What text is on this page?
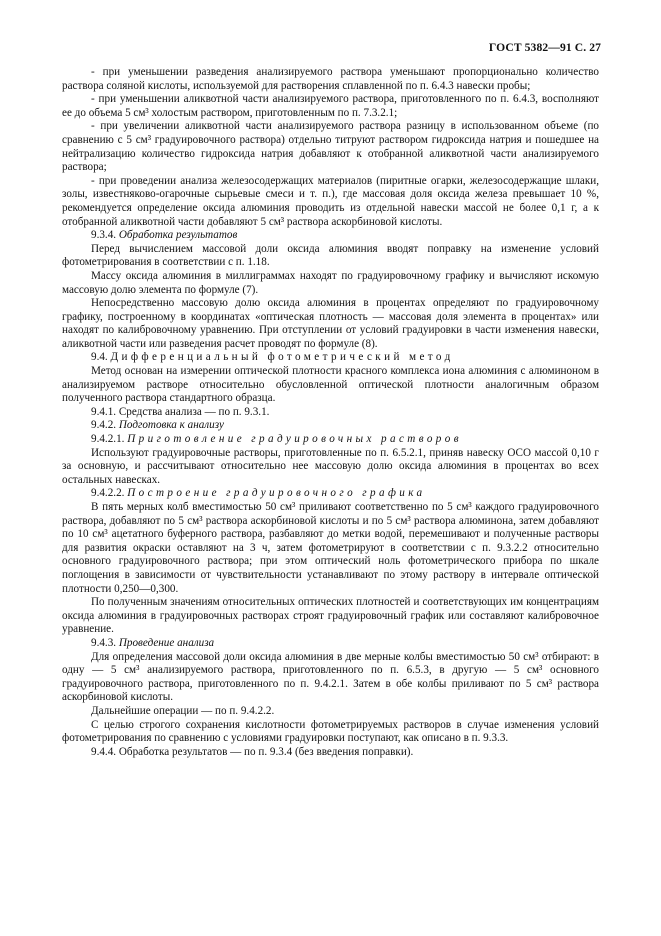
ГОСТ 5382—91 С. 27

- при уменьшении разведения анализируемого раствора уменьшают пропорционально количество раствора соляной кислоты, используемой для растворения сплавленной по п. 6.4.3 навески пробы;

- при уменьшении аликвотной части анализируемого раствора, приготовленного по п. 6.4.3, восполняют ее до объема 5 см³ холостым раствором, приготовленным по п. 7.3.2.1;

- при увеличении аликвотной части анализируемого раствора разницу в использованном объеме (по сравнению с 5 см³ градуировочного раствора) отдельно титруют раствором гидроксида натрия и пошедшее на нейтрализацию количество гидроксида натрия добавляют к отобранной аликвотной части анализируемого раствора;

- при проведении анализа железосодержащих материалов (пиритные огарки, железосодержащие шлаки, золы, известняково-огарочные сырьевые смеси и т. п.), где массовая доля оксида железа превышает 10 %, рекомендуется определение оксида алюминия проводить из отдельной навески массой не более 0,1 г, а к отобранной аликвотной части добавляют 5 см³ раствора аскорбиновой кислоты.

9.3.4. Обработка результатов

Перед вычислением массовой доли оксида алюминия вводят поправку на изменение условий фотометрирования в соответствии с п. 1.18.

Массу оксида алюминия в миллиграммах находят по градуировочному графику и вычисляют искомую массовую долю элемента по формуле (7).

Непосредственно массовую долю оксида алюминия в процентах определяют по градуировочному графику, построенному в координатах «оптическая плотность — массовая доля элемента в процентах» или находят по калибровочному уравнению. При отступлении от условий градуировки в части изменения навески, аликвотной части или разведения расчет проводят по формуле (8).

9.4. Дифференциальный фотометрический метод

Метод основан на измерении оптической плотности красного комплекса иона алюминия с алюминоном в анализируемом растворе относительно обусловленной оптической плотности аналогичным образом полученного раствора стандартного образца.

9.4.1. Средства анализа — по п. 9.3.1.

9.4.2. Подготовка к анализу

9.4.2.1. Приготовление градуировочных растворов

Используют градуировочные растворы, приготовленные по п. 6.5.2.1, приняв навеску ОСО массой 0,10 г за основную, и рассчитывают относительно нее массовую долю оксида алюминия в процентах во всех остальных навесках.

9.4.2.2. Построение градуировочного графика

В пять мерных колб вместимостью 50 см³ приливают соответственно по 5 см³ каждого градуировочного раствора, добавляют по 5 см³ раствора аскорбиновой кислоты и по 5 см³ раствора алюминона, затем добавляют по 10 см³ ацетатного буферного раствора, разбавляют до метки водой, перемешивают и полученные растворы для развития окраски оставляют на 3 ч, затем фотометрируют в соответствии с п. 9.3.2.2 относительно основного градуировочного раствора; при этом оптический ноль фотометрического прибора по шкале поглощения в зависимости от чувствительности устанавливают по этому раствору в интервале оптической плотности 0,250—0,300.

По полученным значениям относительных оптических плотностей и соответствующих им концентрациям оксида алюминия в градуировочных растворах строят градуировочный график или составляют калибровочное уравнение.

9.4.3. Проведение анализа

Для определения массовой доли оксида алюминия в две мерные колбы вместимостью 50 см³ отбирают: в одну — 5 см³ анализируемого раствора, приготовленного по п. 6.5.3, в другую — 5 см³ основного градуировочного раствора, приготовленного по п. 9.4.2.1. Затем в обе колбы приливают по 5 см³ раствора аскорбиновой кислоты.

Дальнейшие операции — по п. 9.4.2.2.

С целью строгого сохранения кислотности фотометрируемых растворов в случае изменения условий фотометрирования по сравнению с условиями градуировки поступают, как описано в п. 9.3.3.

9.4.4. Обработка результатов — по п. 9.3.4 (без введения поправки).
